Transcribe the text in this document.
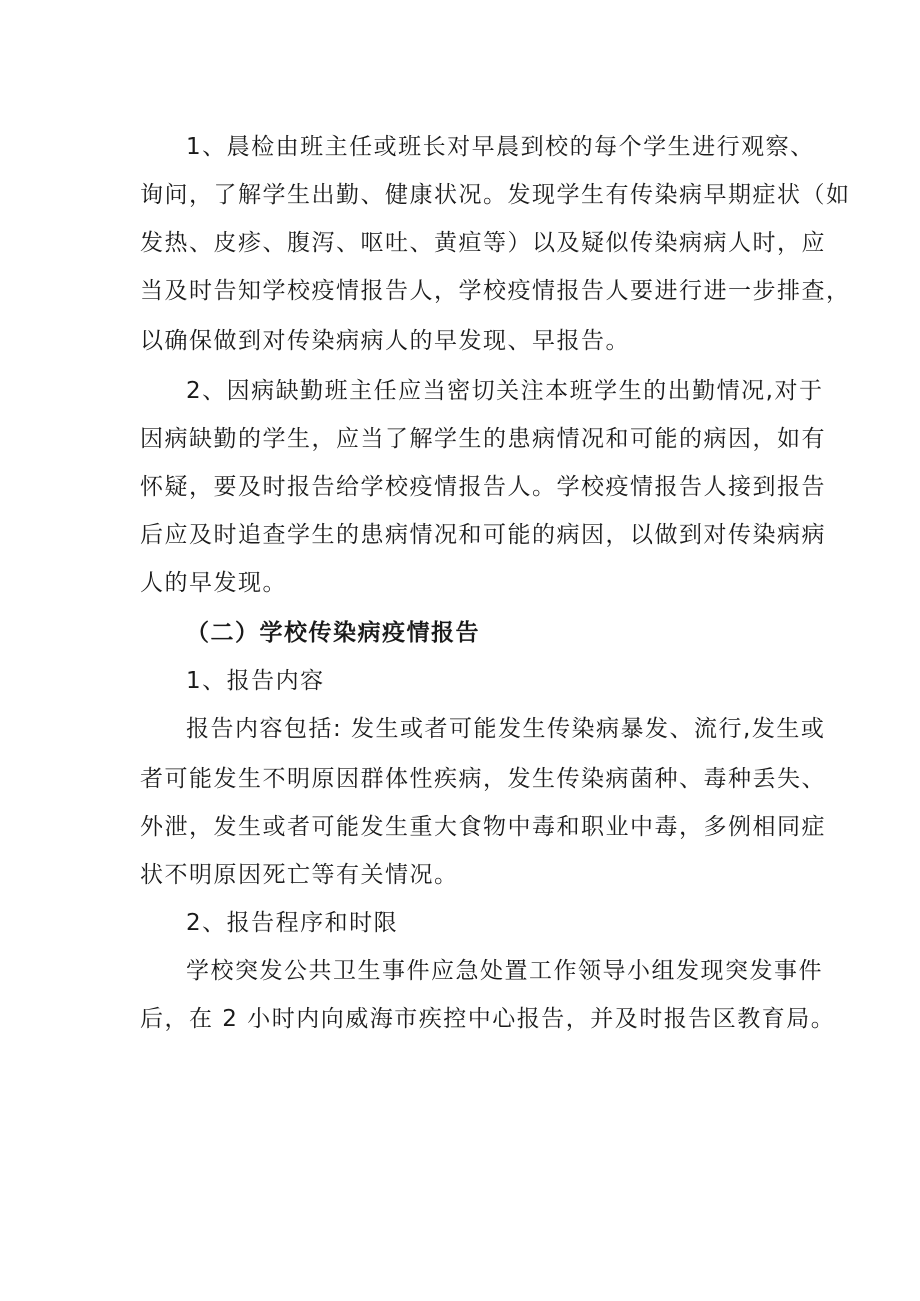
1、晨检由班主任或班长对早晨到校的每个学生进行观察、

询问，了解学生出勤、健康状况。发现学生有传染病早期症状（如

发热、皮疹、腹泻、呕吐、黄疸等）以及疑似传染病病人时，应

当及时告知学校疫情报告人，学校疫情报告人要进行进一步排查，

以确保做到对传染病病人的早发现、早报告。

2、因病缺勤班主任应当密切关注本班学生的出勤情况,对于

因病缺勤的学生，应当了解学生的患病情况和可能的病因，如有

怀疑，要及时报告给学校疫情报告人。学校疫情报告人接到报告

后应及时追查学生的患病情况和可能的病因，以做到对传染病病

人的早发现。

（二）学校传染病疫情报告

1、报告内容

报告内容包括: 发生或者可能发生传染病暴发、流行,发生或

者可能发生不明原因群体性疾病，发生传染病菌种、毒种丢失、

外泄，发生或者可能发生重大食物中毒和职业中毒，多例相同症

状不明原因死亡等有关情况。

2、报告程序和时限

学校突发公共卫生事件应急处置工作领导小组发现突发事件

后，在 2 小时内向威海市疾控中心报告，并及时报告区教育局。
